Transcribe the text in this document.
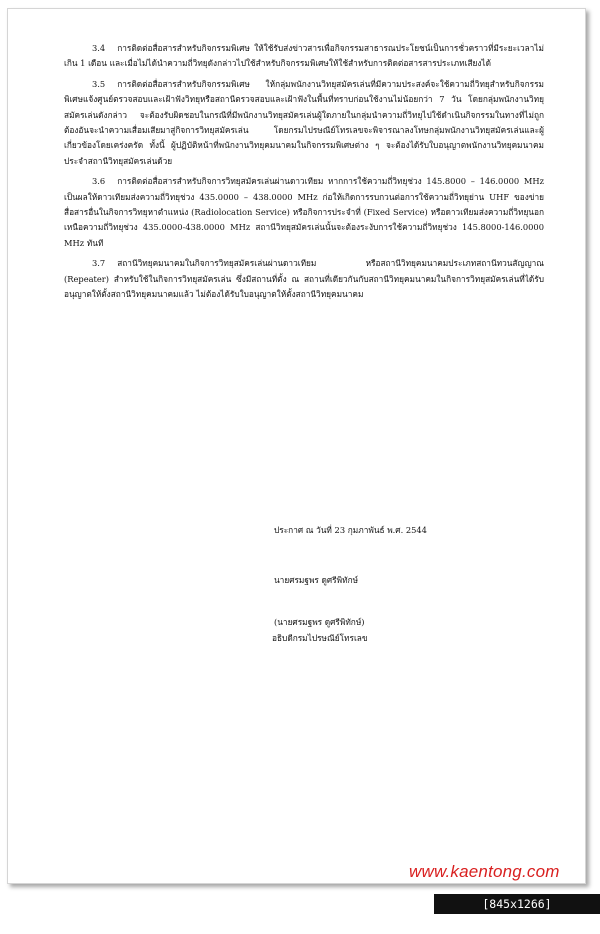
3.4 การติดต่อสื่อสารสำหรับกิจกรรมพิเศษ ให้ใช้รับส่งข่าวสารเพื่อกิจกรรมสาธารณประโยชน์เป็นการชั่วคราวที่มีระยะเวลาไม่เกิน 1 เดือน และเมื่อไม่ได้นำความถี่วิทยุดังกล่าวไปใช้สำหรับกิจกรรมพิเศษให้ใช้สำหรับการติดต่อสารสารประเภทเสียงได้

3.5 การติดต่อสื่อสารสำหรับกิจกรรมพิเศษ ให้กลุ่มพนักงานวิทยุสมัครเล่นที่มีความประสงค์จะใช้ความถี่วิทยุสำหรับกิจกรรมพิเศษแจ้งศูนย์ตรวจสอบและเฝ้าฟังวิทยุหรือสถานีตรวจสอบและเฝ้าฟังในพื้นที่ทราบก่อนใช้งานไม่น้อยกว่า 7 วัน โดยกลุ่มพนักงานวิทยุสมัครเล่นดังกล่าว จะต้องรับผิดชอบในกรณีที่มีพนักงานวิทยุสมัครเล่นผู้ใดภายในกลุ่มนำความถี่วิทยุไปใช้ดำเนินกิจกรรมในทางที่ไม่ถูกต้องอันจะนำความเสื่อมเสียมาสู่กิจการวิทยุสมัครเล่น โดยกรมไปรษณีย์โทรเลขจะพิจารณาลงโทษกลุ่มพนักงานวิทยุสมัครเล่นและผู้เกี่ยวข้องโดยเคร่งครัด ทั้งนี้ ผู้ปฏิบัติหน้าที่พนักงานวิทยุคมนาคมในกิจกรรมพิเศษต่าง ๆ จะต้องได้รับใบอนุญาตพนักงานวิทยุคมนาคมประจำสถานีวิทยุสมัครเล่นด้วย

3.6 การติดต่อสื่อสารสำหรับกิจการวิทยุสมัครเล่นผ่านดาวเทียม หากการใช้ความถี่วิทยุช่วง 145.8000 – 146.0000 MHz เป็นผลให้ดาวเทียมส่งความถี่วิทยุช่วง 435.0000 – 438.0000 MHz ก่อให้เกิดการรบกวนต่อการใช้ความถี่วิทยุย่าน UHF ของข่ายสื่อสารอื่นในกิจการวิทยุหาตำแหน่ง (Radiolocation Service) หรือกิจการประจำที่ (Fixed Service) หรือดาวเทียมส่งความถี่วิทยุนอกเหนือความถี่วิทยุช่วง 435.0000-438.0000 MHz สถานีวิทยุสมัครเล่นนั้นจะต้องระงับการใช้ความถี่วิทยุช่วง 145.8000-146.0000 MHz ทันที

3.7 สถานีวิทยุคมนาคมในกิจการวิทยุสมัครเล่นผ่านดาวเทียม หรือสถานีวิทยุคมนาคมประเภทสถานีทวนสัญญาณ (Repeater) สำหรับใช้ในกิจการวิทยุสมัครเล่น ซึ่งมีสถานที่ตั้ง ณ สถานที่เดียวกันกับสถานีวิทยุคมนาคมในกิจการวิทยุสมัครเล่นที่ได้รับอนุญาตให้ตั้งสถานีวิทยุคมนาคมแล้ว ไม่ต้องได้รับใบอนุญาตให้ตั้งสถานีวิทยุคมนาคม

ประกาศ ณ วันที่ 23 กุมภาพันธ์ พ.ศ. 2544
นายศรมฐพร ดูศรีพิทักษ์
(นายศรมฐพร ดูศรีพิทักษ์)
อธิบดีกรมไปรษณีย์โทรเลข
www.kaentong.com
[845x1266] https://upic.me/
